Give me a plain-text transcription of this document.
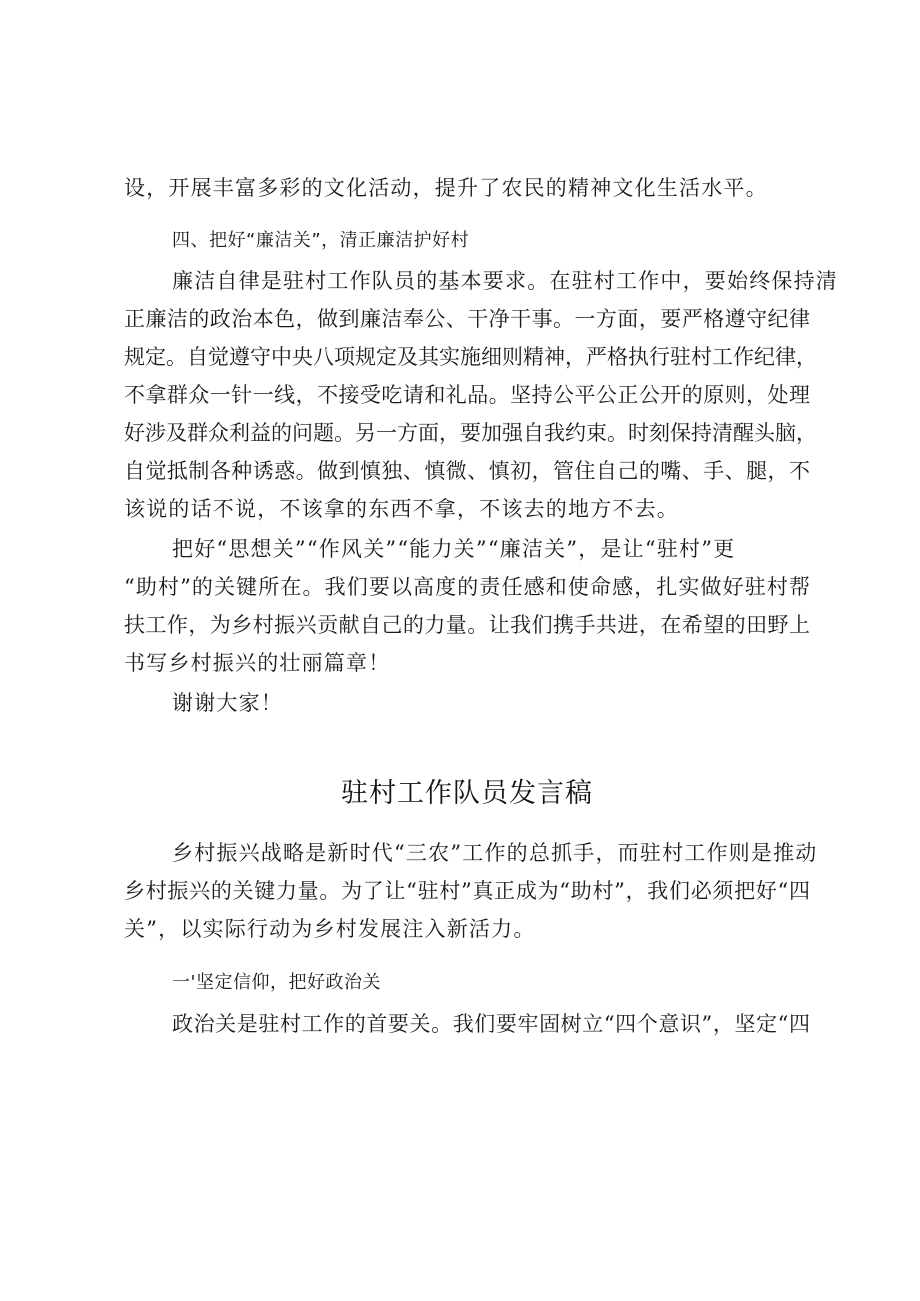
设，开展丰富多彩的文化活动，提升了农民的精神文化生活水平。
四、把好“廉洁关”，清正廉洁护好村
廉洁自律是驻村工作队员的基本要求。在驻村工作中，要始终保持清
正廉洁的政治本色，做到廉洁奉公、干净干事。一方面，要严格遵守纪律
规定。自觉遵守中央八项规定及其实施细则精神，严格执行驻村工作纪律，
不拿群众一针一线，不接受吃请和礼品。坚持公平公正公开的原则，处理
好涉及群众利益的问题。另一方面，要加强自我约束。时刻保持清醒头脑，
自觉抵制各种诱惑。做到慎独、慎微、慎初，管住自己的嘴、手、腿，不
该说的话不说，不该拿的东西不拿，不该去的地方不去。
把好“思想关”“作风关”“能力关”“廉洁关”，是让“驻村”更
“助村”的关键所在。我们要以高度的责任感和使命感，扎实做好驻村帮
扶工作，为乡村振兴贡献自己的力量。让我们携手共进，在希望的田野上
书写乡村振兴的壮丽篇章！
谢谢大家！
驻村工作队员发言稿
乡村振兴战略是新时代“三农”工作的总抓手，而驻村工作则是推动
乡村振兴的关键力量。为了让“驻村”真正成为“助村”，我们必须把好“四
关”，以实际行动为乡村发展注入新活力。
一'坚定信仰，把好政治关
政治关是驻村工作的首要关。我们要牢固树立“四个意识”，坚定“四
